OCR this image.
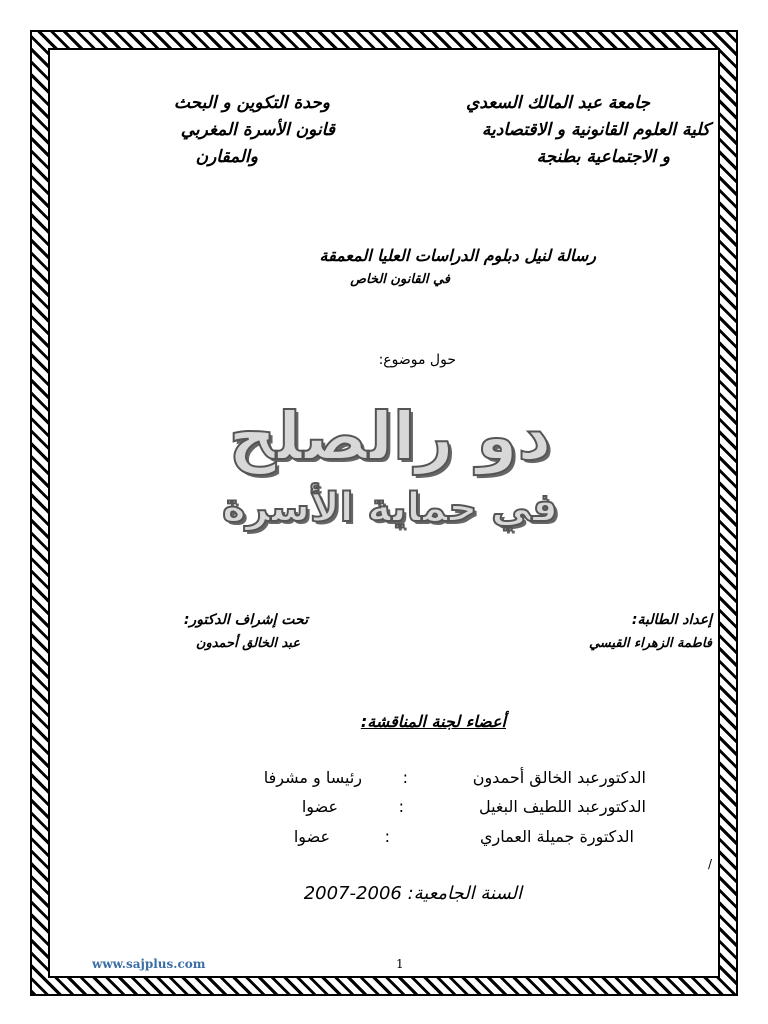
جامعة عبد المالك السعدي
كلية العلوم القانونية و الاقتصادية
و الاجتماعية بطنجة
وحدة التكوين و البحث
قانون الأسرة المغربي
والمقارن
رسالة لنيل دبلوم الدراسات العليا المعمقة
في القانون الخاص
حول موضوع:
دو رالصلح
في حماية الأسرة
إعداد الطالبة:
فاطمة الزهراء القيسي
تحت إشراف الدكتور:
عبد الخالق أحمدون
أعضاء لجنة المناقشة:
الدكتورعبد الخالق أحمدون
:
رئيسا و مشرفا
الدكتورعبد اللطيف البغيل
:
عضوا
الدكتورة جميلة العماري
:
عضوا
/
السنة الجامعية: 2006-2007
www.sajplus.com	1
